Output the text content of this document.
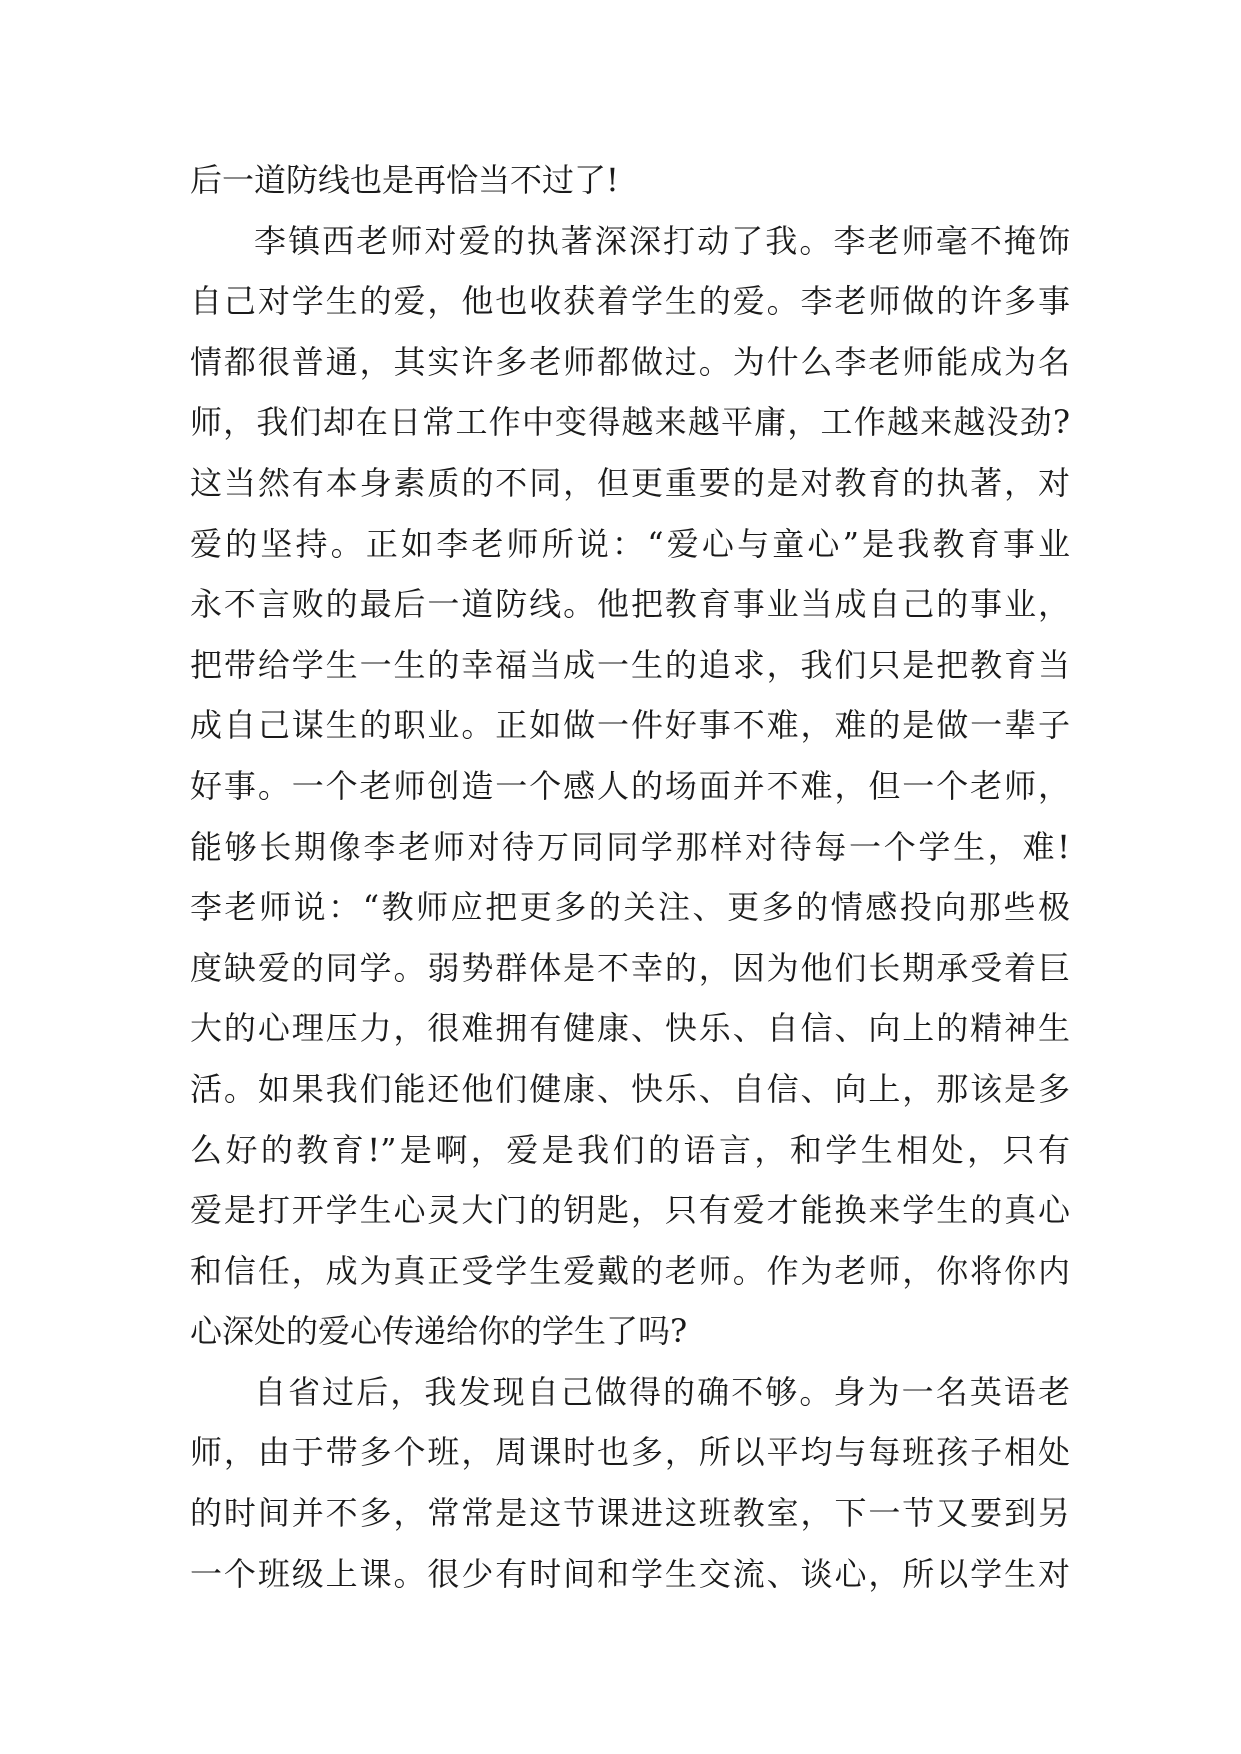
后一道防线也是再恰当不过了!
李镇西老师对爱的执著深深打动了我。李老师毫不掩饰
自己对学生的爱，他也收获着学生的爱。李老师做的许多事
情都很普通，其实许多老师都做过。为什么李老师能成为名
师，我们却在日常工作中变得越来越平庸，工作越来越没劲?
这当然有本身素质的不同，但更重要的是对教育的执著，对
爱的坚持。正如李老师所说：“爱心与童心”是我教育事业
永不言败的最后一道防线。他把教育事业当成自己的事业，
把带给学生一生的幸福当成一生的追求，我们只是把教育当
成自己谋生的职业。正如做一件好事不难，难的是做一辈子
好事。一个老师创造一个感人的场面并不难，但一个老师，
能够长期像李老师对待万同同学那样对待每一个学生，难!
李老师说：“教师应把更多的关注、更多的情感投向那些极
度缺爱的同学。弱势群体是不幸的，因为他们长期承受着巨
大的心理压力，很难拥有健康、快乐、自信、向上的精神生
活。如果我们能还他们健康、快乐、自信、向上，那该是多
么好的教育!”是啊，爱是我们的语言，和学生相处，只有
爱是打开学生心灵大门的钥匙，只有爱才能换来学生的真心
和信任，成为真正受学生爱戴的老师。作为老师，你将你内
心深处的爱心传递给你的学生了吗?
自省过后，我发现自己做得的确不够。身为一名英语老
师，由于带多个班，周课时也多，所以平均与每班孩子相处
的时间并不多，常常是这节课进这班教室，下一节又要到另
一个班级上课。很少有时间和学生交流、谈心，所以学生对
